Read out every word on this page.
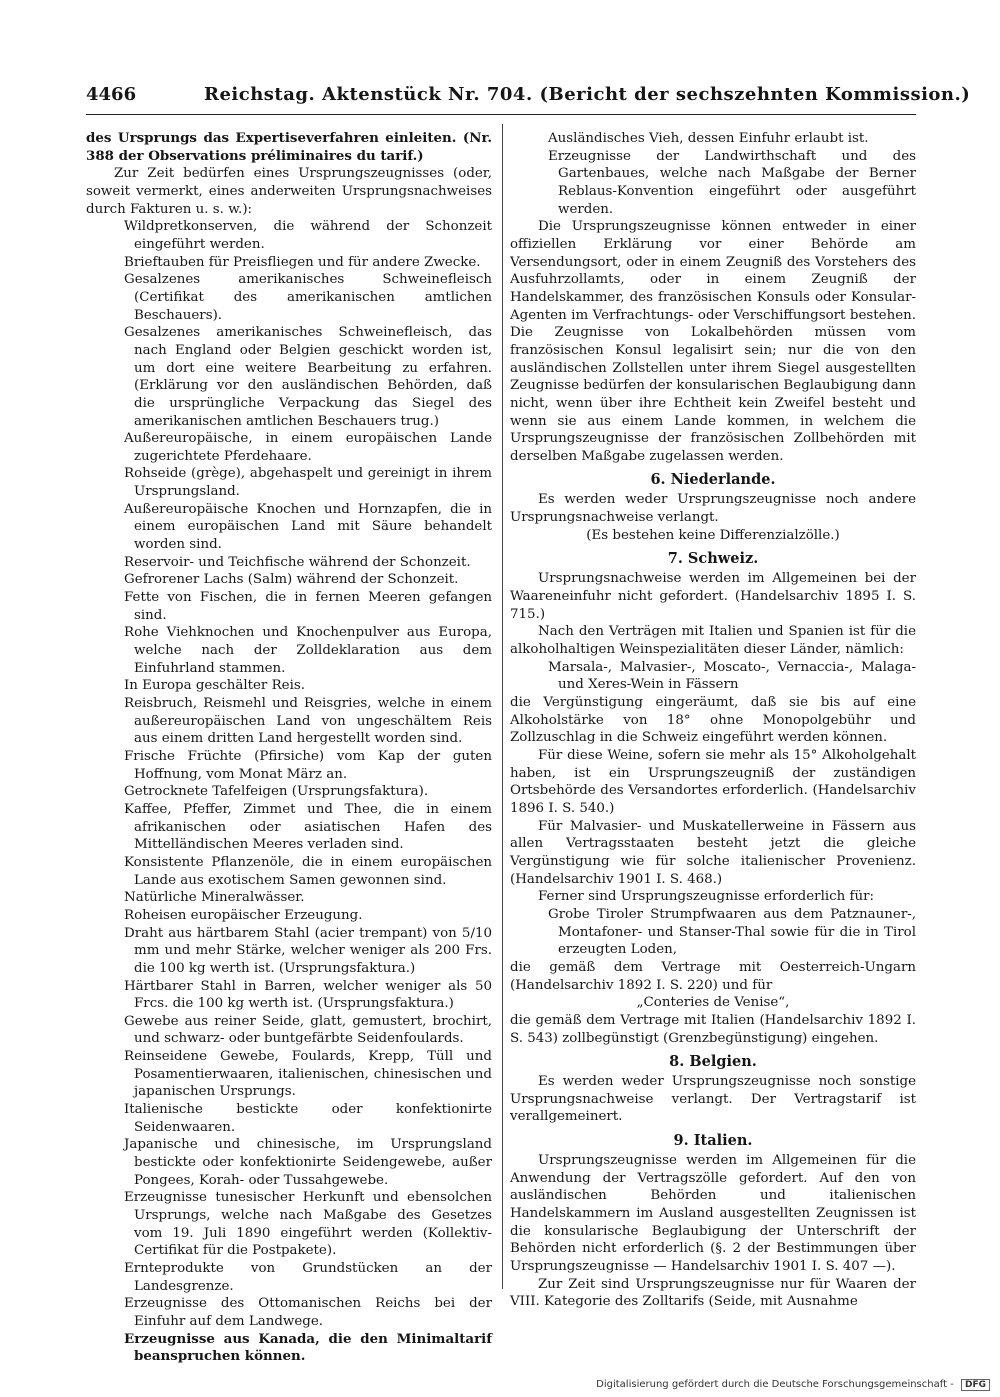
4466	Reichstag. Aktenstück Nr. 704. (Bericht der sechszehnten Kommission.)

des Ursprungs das Expertiseverfahren einleiten. (Nr. 388 der Observations préliminaires du tarif.)

Zur Zeit bedürfen eines Ursprungszeugnisses (oder, soweit vermerkt, eines anderweiten Ursprungsnachweises durch Fakturen u. s. w.):

Wildpretkonserven, die während der Schonzeit eingeführt werden.

Brieftauben für Preisfliegen und für andere Zwecke.

Gesalzenes amerikanisches Schweinefleisch (Certifikat des amerikanischen amtlichen Beschauers).

Gesalzenes amerikanisches Schweinefleisch, das nach England oder Belgien geschickt worden ist, um dort eine weitere Bearbeitung zu erfahren. (Erklärung vor den ausländischen Behörden, daß die ursprüngliche Verpackung das Siegel des amerikanischen amtlichen Beschauers trug.)

Außereuropäische, in einem europäischen Lande zugerichtete Pferdehaare.

Rohseide (grège), abgehaspelt und gereinigt in ihrem Ursprungsland.

Außereuropäische Knochen und Hornzapfen, die in einem europäischen Land mit Säure behandelt worden sind.

Reservoir- und Teichfische während der Schonzeit.

Gefrorener Lachs (Salm) während der Schonzeit.

Fette von Fischen, die in fernen Meeren gefangen sind.

Rohe Viehknochen und Knochenpulver aus Europa, welche nach der Zolldeklaration aus dem Einfuhrland stammen.

In Europa geschälter Reis.

Reisbruch, Reismehl und Reisgries, welche in einem außereuropäischen Land von ungeschältem Reis aus einem dritten Land hergestellt worden sind.

Frische Früchte (Pfirsiche) vom Kap der guten Hoffnung, vom Monat März an.

Getrocknete Tafelfeigen (Ursprungsfaktura).

Kaffee, Pfeffer, Zimmet und Thee, die in einem afrikanischen oder asiatischen Hafen des Mittelländischen Meeres verladen sind.

Konsistente Pflanzenöle, die in einem europäischen Lande aus exotischem Samen gewonnen sind.

Natürliche Mineralwässer.

Roheisen europäischer Erzeugung.

Draht aus härtbarem Stahl (acier trempant) von 5/10 mm und mehr Stärke, welcher weniger als 200 Frs. die 100 kg werth ist. (Ursprungsfaktura.)

Härtbarer Stahl in Barren, welcher weniger als 50 Frcs. die 100 kg werth ist. (Ursprungsfaktura.)

Gewebe aus reiner Seide, glatt, gemustert, brochirt, und schwarz- oder buntgefärbte Seidenfoulards.

Reinseidene Gewebe, Foulards, Krepp, Tüll und Posamentierwaaren, italienischen, chinesischen und japanischen Ursprungs.

Italienische bestickte oder konfektionirte Seidenwaaren.

Japanische und chinesische, im Ursprungsland bestickte oder konfektionirte Seidengewebe, außer Pongees, Korah- oder Tussahgewebe.

Erzeugnisse tunesischer Herkunft und ebensolchen Ursprungs, welche nach Maßgabe des Gesetzes vom 19. Juli 1890 eingeführt werden (Kollektiv-Certifikat für die Postpakete).

Ernteprodukte von Grundstücken an der Landesgrenze.

Erzeugnisse des Ottomanischen Reichs bei der Einfuhr auf dem Landwege.

Erzeugnisse aus Kanada, die den Minimaltarif beanspruchen können.

Ausländisches Vieh, dessen Einfuhr erlaubt ist.

Erzeugnisse der Landwirthschaft und des Gartenbaues, welche nach Maßgabe der Berner Reblaus-Konvention eingeführt oder ausgeführt werden.

Die Ursprungszeugnisse können entweder in einer offiziellen Erklärung vor einer Behörde am Versendungsort, oder in einem Zeugniß des Vorstehers des Ausfuhrzollamts, oder in einem Zeugniß der Handelskammer, des französischen Konsuls oder Konsular-Agenten im Verfrachtungs- oder Verschiffungsort bestehen. Die Zeugnisse von Lokalbehörden müssen vom französischen Konsul legalisirt sein; nur die von den ausländischen Zollstellen unter ihrem Siegel ausgestellten Zeugnisse bedürfen der konsularischen Beglaubigung dann nicht, wenn über ihre Echtheit kein Zweifel besteht und wenn sie aus einem Lande kommen, in welchem die Ursprungszeugnisse der französischen Zollbehörden mit derselben Maßgabe zugelassen werden.

6. Niederlande.

Es werden weder Ursprungszeugnisse noch andere Ursprungsnachweise verlangt.

(Es bestehen keine Differenzialzölle.)

7. Schweiz.

Ursprungsnachweise werden im Allgemeinen bei der Waareneinfuhr nicht gefordert. (Handelsarchiv 1895 I. S. 715.)

Nach den Verträgen mit Italien und Spanien ist für die alkoholhaltigen Weinspezialitäten dieser Länder, nämlich:

Marsala-, Malvasier-, Moscato-, Vernaccia-, Malaga- und Xeres-Wein in Fässern

die Vergünstigung eingeräumt, daß sie bis auf eine Alkoholstärke von 18° ohne Monopolgebühr und Zollzuschlag in die Schweiz eingeführt werden können.

Für diese Weine, sofern sie mehr als 15° Alkoholgehalt haben, ist ein Ursprungszeugniß der zuständigen Ortsbehörde des Versandortes erforderlich. (Handelsarchiv 1896 I. S. 540.)

Für Malvasier- und Muskatellerweine in Fässern aus allen Vertragsstaaten besteht jetzt die gleiche Vergünstigung wie für solche italienischer Provenienz. (Handelsarchiv 1901 I. S. 468.)

Ferner sind Ursprungszeugnisse erforderlich für:

Grobe Tiroler Strumpfwaaren aus dem Patznauner-, Montafoner- und Stanser-Thal sowie für die in Tirol erzeugten Loden,

die gemäß dem Vertrage mit Oesterreich-Ungarn (Handelsarchiv 1892 I. S. 220) und für

„Conteries de Venise“,

die gemäß dem Vertrage mit Italien (Handelsarchiv 1892 I. S. 543) zollbegünstigt (Grenzbegünstigung) eingehen.

8. Belgien.

Es werden weder Ursprungszeugnisse noch sonstige Ursprungsnachweise verlangt. Der Vertragstarif ist verallgemeinert.

9. Italien.

Ursprungszeugnisse werden im Allgemeinen für die Anwendung der Vertragszölle gefordert. Auf den von ausländischen Behörden und italienischen Handelskammern im Ausland ausgestellten Zeugnissen ist die konsularische Beglaubigung der Unterschrift der Behörden nicht erforderlich (§. 2 der Bestimmungen über Ursprungszeugnisse — Handelsarchiv 1901 I. S. 407 —).

Zur Zeit sind Ursprungszeugnisse nur für Waaren der VIII. Kategorie des Zolltarifs (Seide, mit Ausnahme

Digitalisierung gefördert durch die Deutsche Forschungsgemeinschaft - DFG
